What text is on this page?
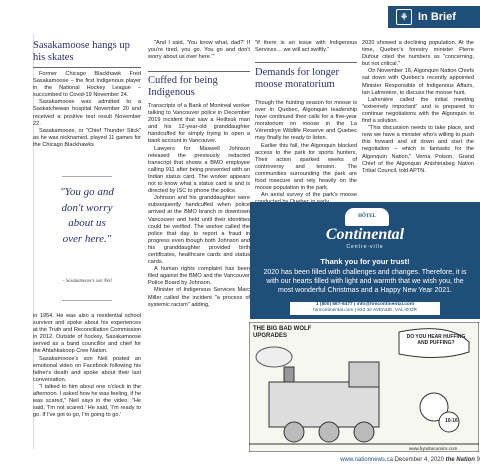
⚘ In Brief
Sasakamoose hangs up his skates

Former Chicago Blackhawk Fred Sasakamoose – the first Indigenous player in the National Hockey League – succumbed to Covid-19 November 24.

Sasakamoose was admitted to a Saskatchewan hospital November 20 and received a positive test result November 22.

Sasakamoose, or "Chief Thunder Stick" as he was nicknamed, played 11 games for the Chicago Blackhawks

"You go and don't worry about us over here."
– Sasakamoose's son Neil

in 1954. He was also a residential school survivor and spoke about his experiences at the Truth and Reconciliation Commission in 2012. Outside of hockey, Sasakamoose served as a band councillor and chief for the Ahtahkakoop Cree Nation.

Sasakamoose's son Neil posted an emotional video on Facebook following his father's death and spoke about their last conversation.

"I talked to him about one o'clock in the afternoon. I asked how he was feeling, if he was scared," Neil says in the video. "He said, 'I'm not scared.' He said, 'I'm ready to go. If I've got to go, I'm going to go.'

"And I said, 'You know what, dad?' If you're tired, you go. You go and don't worry about us over here.'"

Cuffed for being Indigenous

Transcripts of a Bank of Montreal worker talking to Vancouver police in December 2019 incident that saw a Heiltsuk man and his 12-year-old granddaughter handcuffed for simply trying to open a bank account in Vancouver.

Lawyers for Maxwell Johnson released the previously redacted transcript that shows a BMO employee calling 911 after being presented with an Indian status card. The worker appears not to know what a status card is and is directed by ISC to phone the police.

Johnson and his granddaughter were subsequently handcuffed when police arrived at the BMO branch in downtown Vancouver and held until their identities could be verified. The worker called the police that day to report a fraud in progress even though both Johnson and his granddaughter provided birth certificates, healthcare cards and status cards.

A human rights complaint has been filed against the BMO and the Vancouver Police Board by Johnson.

Minister of Indigenous Services Marc Miller called the incident "a process of systemic racism" adding,

"if there is an issue with Indigenous Services… we will act swiftly."

Demands for longer moose moratorium

Though the hunting season for moose is over in Quebec, Algonquin leadership have continued their calls for a five-year moratorium on moose in the La Vérendrye Wildlife Reserve and Quebec may finally be ready to listen.

Earlier this fall, the Algonquin blocked access to the park for sports hunters. Their action sparked weeks of controversy and tension. The communities surrounding the park are food insecure and rely heavily on the moose population in the park.

An aerial survey of the park's moose

2020 showed a declining population. At the time, Quebec's forestry minister Pierre Dufour cited the numbers as "concerning, but not critical."

On November 16, Algonquin Nation Chiefs sat down with Quebec's recently appointed Minister Responsible of Indigenous Affairs, Ian Lafrenière, to discuss the moose hunt.

Lafrenière called the initial meeting "extremely important" and is prepared to continue negotiations with the Algonquin to find a solution.

"This discussion needs to take place, and now we have a minister who's willing to push this forward and sit down and start the negotiation – which is fantastic for the Algonquin Nation," Verna Polson, Grand Chief of the Algonquin Anishinabeg Nation Tribal Council, told APTN.

HÔTEL
Continental
Centre-ville
Thank you for your trust!
2020 has been filled with challenges and changes. Therefore, it is with our hearts filled with light and warmth that we wish you, the most wonderful Christmas and a Happy New Year 2021.
1 (800) 567-6477 | info@hmcontinental.com
hmcontinental.com | 932 3e AVENUE, VAL-D'OR
THE BIG BAD WOLF UPGRADES	DO YOU HEAR HUFFING AND PUFFING?
10-16
www.hyndracomics.com
www.nationnews.ca December 4, 2020 the Nation 9
